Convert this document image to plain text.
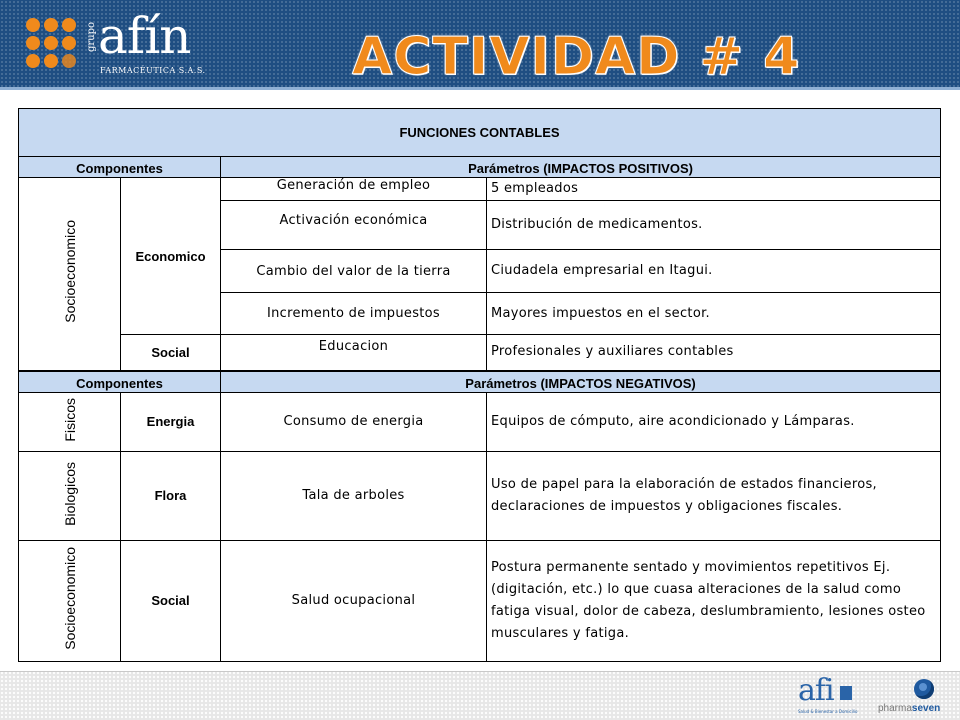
grupo afín
FARMACÉUTICA S.A.S.	ACTIVIDAD # 4
FUNCIONES CONTABLES			

Componentes		Parámetros (IMPACTOS POSITIVOS)	

Socioeconomico	Economico	Generación de empleo	5 empleados
		Activación económica	Distribución de medicamentos.
		Cambio del valor de la tierra	Ciudadela empresarial en Itagui.
		Incremento de impuestos	Mayores impuestos en el sector.
	Social	Educacion	Profesionales y auxiliares contables

Componentes		Parámetros (IMPACTOS NEGATIVOS)	

Fisicos	Energia	Consumo de energia	Equipos de cómputo, aire acondicionado y Lámparas.
Biologicos	Flora	Tala de arboles	Uso de papel para la elaboración de estados financieros, declaraciones de impuestos y obligaciones fiscales.
Socioeconomico	Social	Salud ocupacional	Postura permanente sentado y movimientos repetitivos Ej. (digitación, etc.) lo que cuasa alteraciones de la salud como fatiga visual, dolor de cabeza, deslumbramiento, lesiones osteo musculares y fatiga.
afi
Salud & Bienestar a Domicilio pharmaseven
